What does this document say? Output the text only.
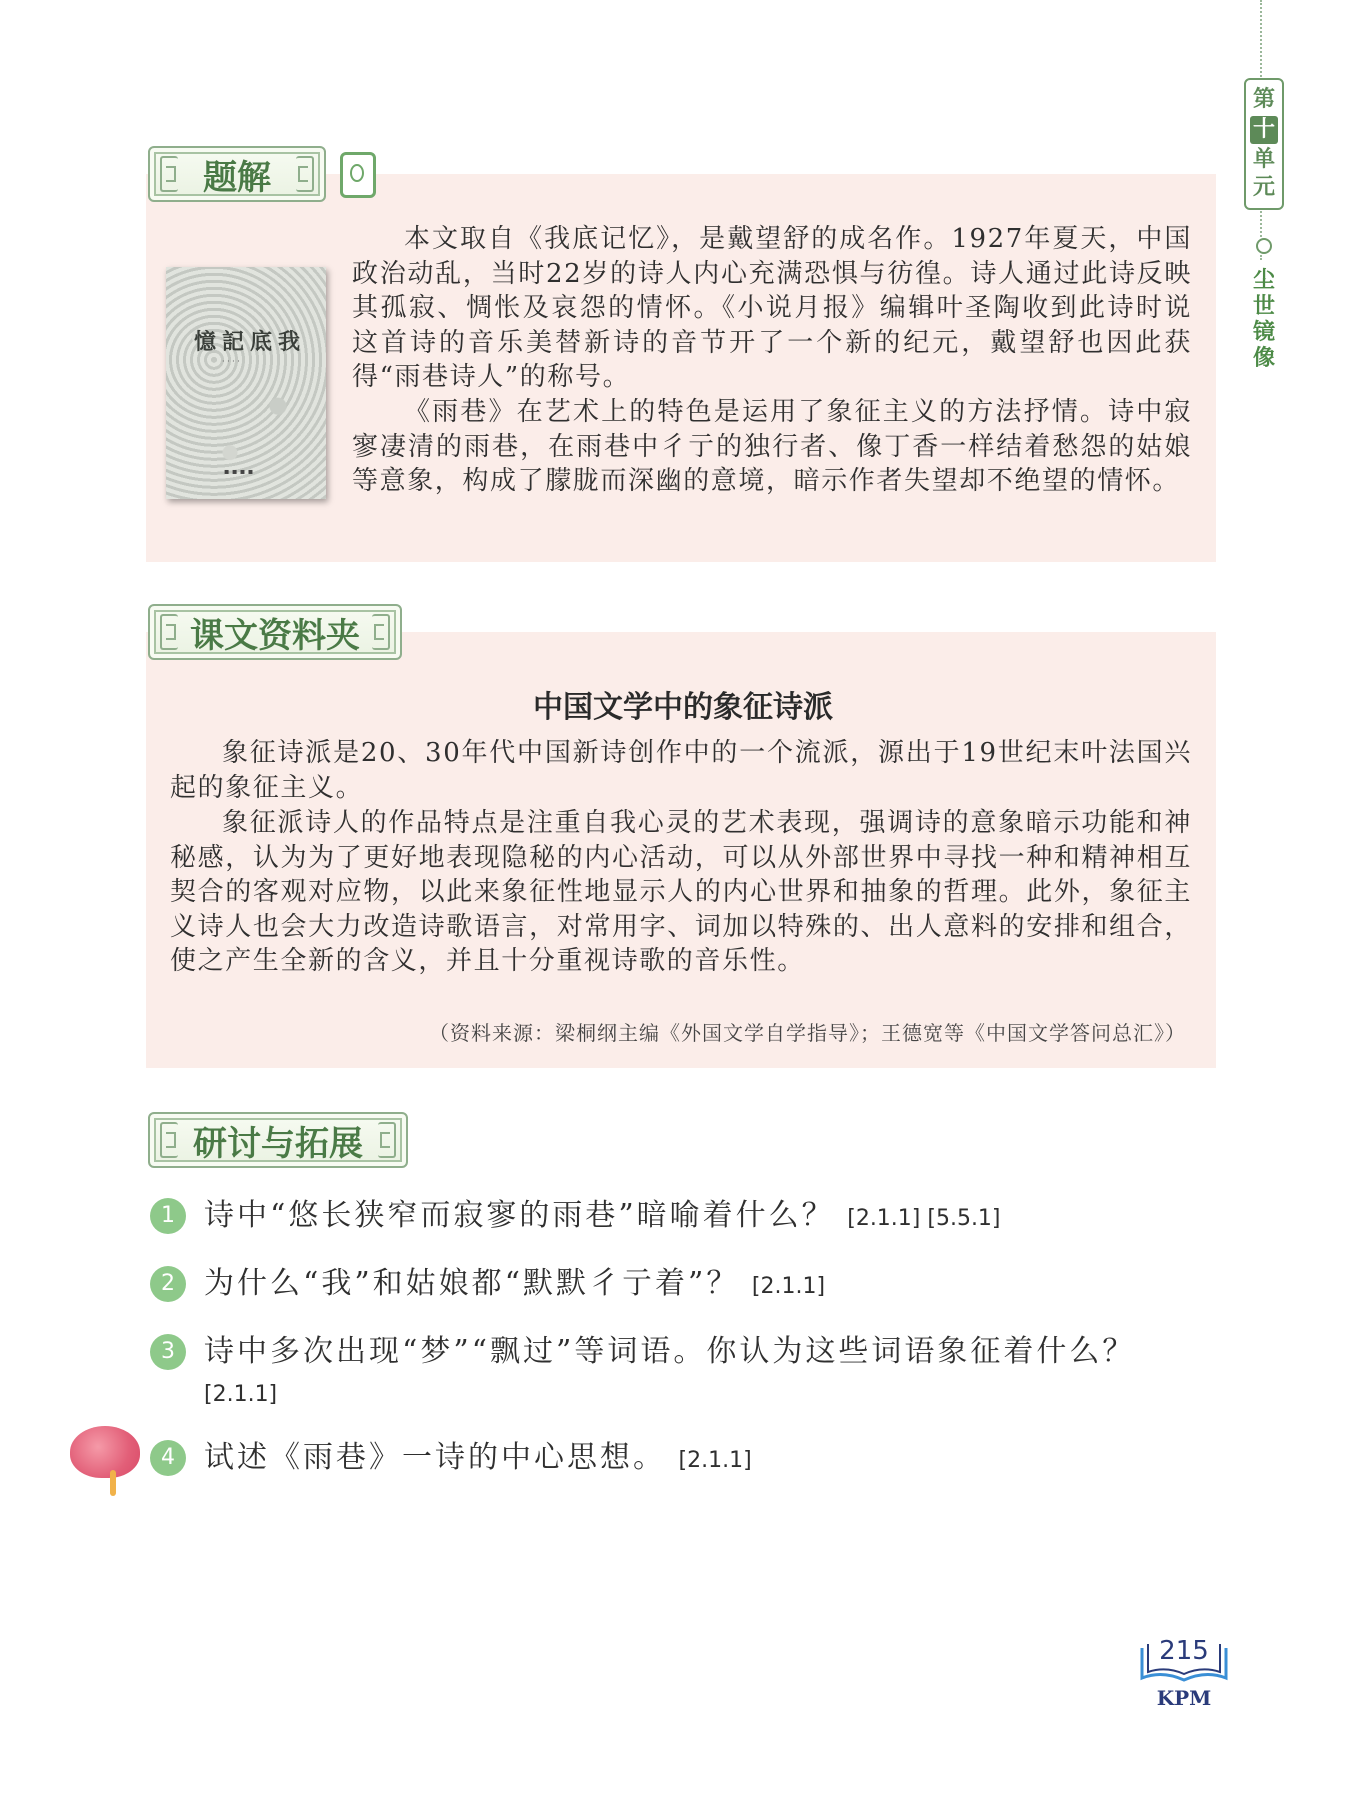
第
十
单元
尘世镜像
题解
憶記底我
· · · ·
▪ ▪ ▪ ▪

本文取自《我底记忆》，是戴望舒的成名作。1927年夏天，中国政治动乱，当时22岁的诗人内心充满恐惧与彷徨。诗人通过此诗反映其孤寂、惆怅及哀怨的情怀。《小说月报》编辑叶圣陶收到此诗时说这首诗的音乐美替新诗的音节开了一个新的纪元，戴望舒也因此获得“雨巷诗人”的称号。

《雨巷》在艺术上的特色是运用了象征主义的方法抒情。诗中寂寥凄清的雨巷，在雨巷中彳亍的独行者、像丁香一样结着愁怨的姑娘等意象，构成了朦胧而深幽的意境，暗示作者失望却不绝望的情怀。

课文资料夹
中国文学中的象征诗派

象征诗派是20、30年代中国新诗创作中的一个流派，源出于19世纪末叶法国兴起的象征主义。

象征派诗人的作品特点是注重自我心灵的艺术表现，强调诗的意象暗示功能和神秘感，认为为了更好地表现隐秘的内心活动，可以从外部世界中寻找一种和精神相互契合的客观对应物，以此来象征性地显示人的内心世界和抽象的哲理。此外，象征主义诗人也会大力改造诗歌语言，对常用字、词加以特殊的、出人意料的安排和组合，使之产生全新的含义，并且十分重视诗歌的音乐性。

（资料来源：梁桐纲主编《外国文学自学指导》；王德宽等《中国文学答问总汇》）
研讨与拓展
1 诗中“悠长狭窄而寂寥的雨巷”暗喻着什么？ [2.1.1] [5.5.1]
2 为什么“我”和姑娘都“默默彳亍着”？ [2.1.1]
3 诗中多次出现“梦”“飘过”等词语。你认为这些词语象征着什么？ [2.1.1]
4 试述《雨巷》一诗的中心思想。 [2.1.1]
215
KPM
